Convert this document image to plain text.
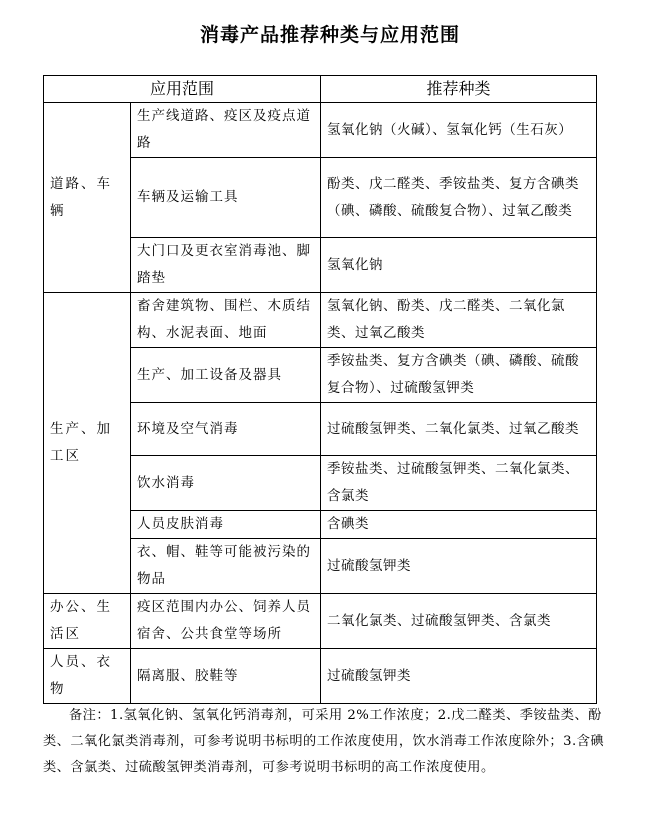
消毒产品推荐种类与应用范围
应用范围		推荐种类
道路、车辆	生产线道路、疫区及疫点道路	氢氧化钠（火碱）、氢氧化钙（生石灰）
	车辆及运输工具	酚类、戊二醛类、季铵盐类、复方含碘类（碘、磷酸、硫酸复合物）、过氧乙酸类
	大门口及更衣室消毒池、脚踏垫	氢氧化钠
生产、加工区	畜舍建筑物、围栏、木质结构、水泥表面、地面	氢氧化钠、酚类、戊二醛类、二氧化氯类、过氧乙酸类
	生产、加工设备及器具	季铵盐类、复方含碘类（碘、磷酸、硫酸复合物）、过硫酸氢钾类
	环境及空气消毒	过硫酸氢钾类、二氧化氯类、过氧乙酸类
	饮水消毒	季铵盐类、过硫酸氢钾类、二氧化氯类、含氯类
	人员皮肤消毒	含碘类
	衣、帽、鞋等可能被污染的物品	过硫酸氢钾类
办公、生活区	疫区范围内办公、饲养人员宿舍、公共食堂等场所	二氧化氯类、过硫酸氢钾类、含氯类
人员、衣物	隔离服、胶鞋等	过硫酸氢钾类
备注：1.氢氧化钠、氢氧化钙消毒剂，可采用 2%工作浓度；2.戊二醛类、季铵盐类、酚类、二氧化氯类消毒剂，可参考说明书标明的工作浓度使用，饮水消毒工作浓度除外；3.含碘类、含氯类、过硫酸氢钾类消毒剂，可参考说明书标明的高工作浓度使用。
